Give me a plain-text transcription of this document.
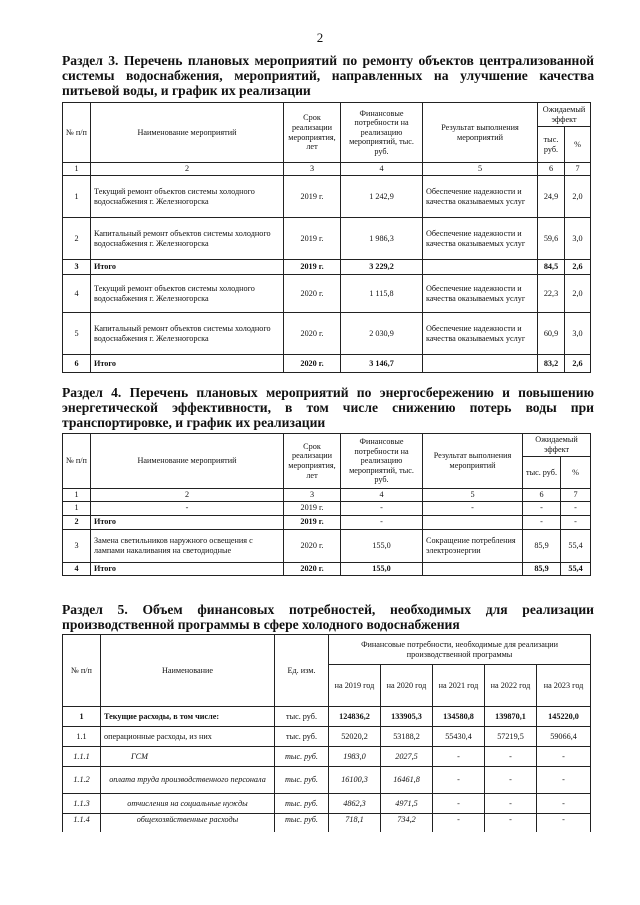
2
Раздел 3. Перечень плановых мероприятий по ремонту объектов централизованной системы водоснабжения, мероприятий, направленных на улучшение качества питьевой воды, и график их реализации
№ п/п	Наименование мероприятий	Срок реализации мероприятия, лет	Финансовые потребности на реализацию мероприятий, тыс. руб.	Результат выполнения мероприятий	Ожидаемый эффект	
					тыс. руб.	%
1	2	3	4	5	6	7
1	Текущий ремонт объектов системы холодного водоснабжения г. Железногорска	2019 г.	1 242,9	Обеспечение надежности и качества оказываемых услуг	24,9	2,0
2	Капитальный ремонт объектов системы холодного водоснабжения г. Железногорска	2019 г.	1 986,3	Обеспечение надежности и качества оказываемых услуг	59,6	3,0
3	Итого	2019 г.	3 229,2		84,5	2,6
4	Текущий ремонт объектов системы холодного водоснабжения г. Железногорска	2020 г.	1 115,8	Обеспечение надежности и качества оказываемых услуг	22,3	2,0
5	Капитальный ремонт объектов системы холодного водоснабжения г. Железногорска	2020 г.	2 030,9	Обеспечение надежности и качества оказываемых услуг	60,9	3,0
6	Итого	2020 г.	3 146,7		83,2	2,6
Раздел 4. Перечень плановых мероприятий по энергосбережению и повышению энергетической эффективности, в том числе снижению потерь воды при транспортировке, и график их реализации
№ п/п	Наименование мероприятий	Срок реализации мероприятия, лет	Финансовые потребности на реализацию мероприятий, тыс. руб.	Результат выполнения мероприятий	Ожидаемый эффект	
					тыс. руб.	%
1	2	3	4	5	6	7
1	-	2019 г.	-	-	-	-
2	Итого	2019 г.	-		-	-
3	Замена светильников наружного освещения с лампами накаливания на светодиодные	2020 г.	155,0	Сокращение потребления электроэнергии	85,9	55,4
4	Итого	2020 г.	155,0		85,9	55,4
Раздел 5. Объем финансовых потребностей, необходимых для реализации производственной программы в сфере холодного водоснабжения
№ п/п	Наименование	Ед. изм.	Финансовые потребности, необходимые для реализации производственной программы				
			на 2019 год	на 2020 год	на 2021 год	на 2022 год	на 2023 год
1	Текущие расходы, в том числе:	тыс. руб.	124836,2	133905,3	134580,8	139870,1	145220,0
1.1	операционные расходы, из них	тыс. руб.	52020,2	53188,2	55430,4	57219,5	59066,4
1.1.1	ГСМ	тыс. руб.	1983,0	2027,5	-	-	-
1.1.2	оплата труда производственного персонала	тыс. руб.	16100,3	16461,8	-	-	-
1.1.3	отчисления на социальные нужды	тыс. руб.	4862,3	4971,5	-	-	-
1.1.4	общехозяйственные расходы	тыс. руб.	718,1	734,2	-	-	-
